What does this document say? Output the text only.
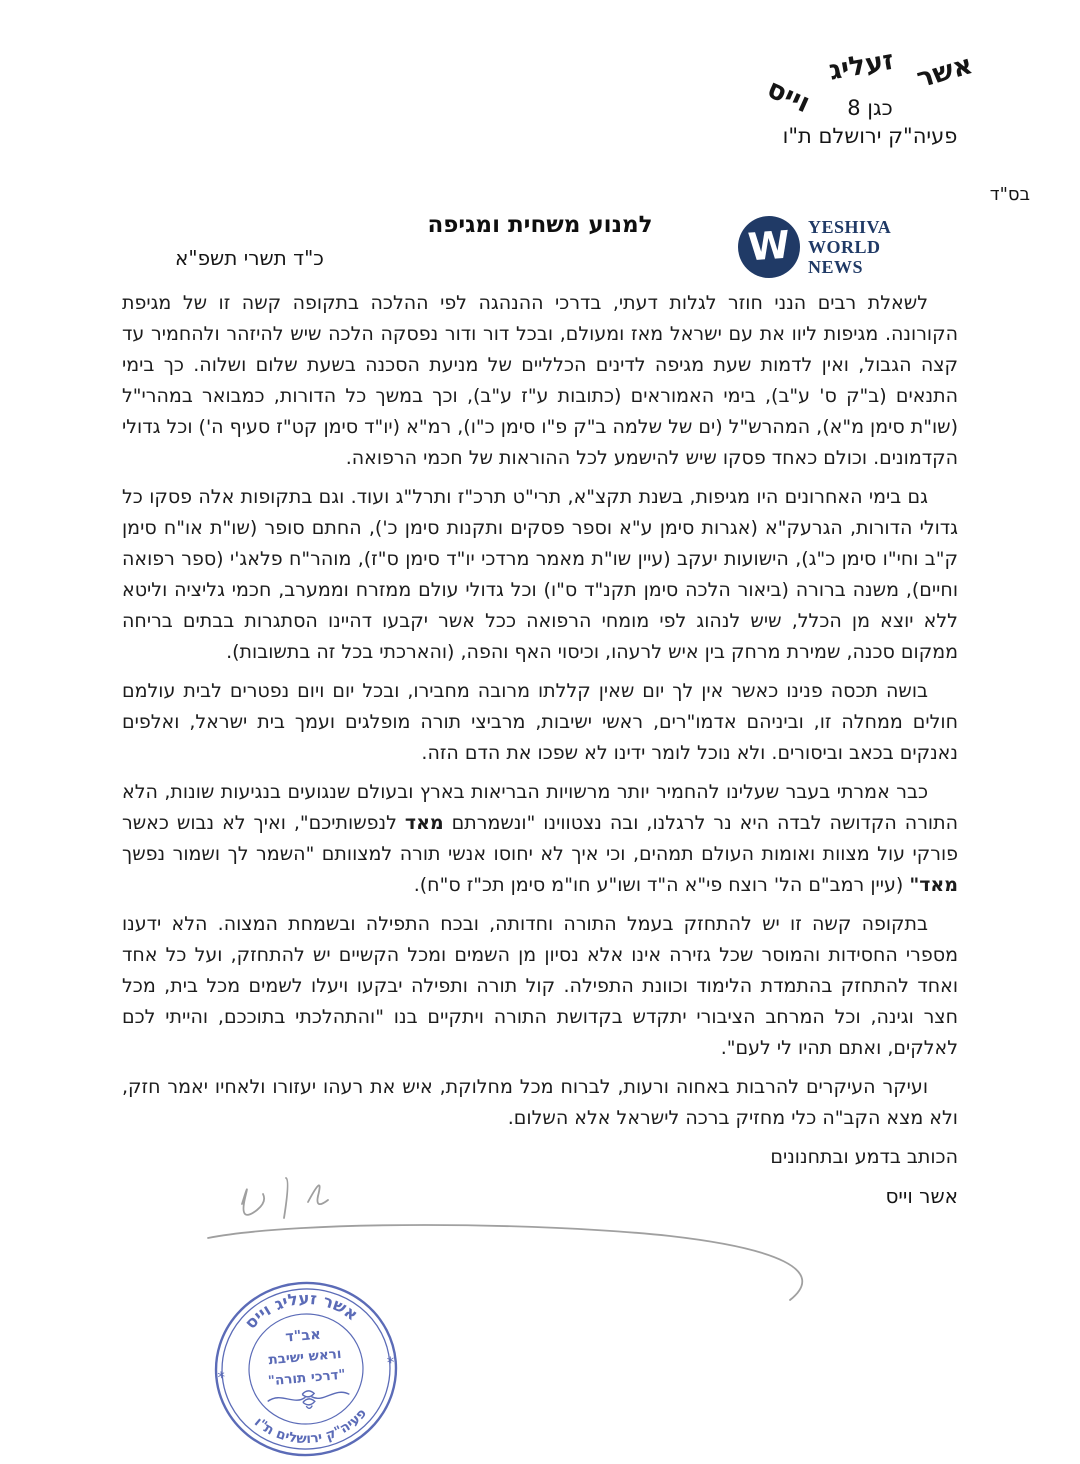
אשר
זעליג
וייס	כגן 8
פעיה"ק ירושלם ת"ו
בס"ד
למנוע משחית ומגיפה	W YESHIVA
WORLD
NEWS
כ"ד תשרי תשפ"א

לשאלת רבים הנני חוזר לגלות דעתי, בדרכי ההנהגה לפי ההלכה בתקופה קשה זו של מגיפת הקורונה. מגיפות ליוו את עם ישראל מאז ומעולם, ובכל דור ודור נפסקה הלכה שיש להיזהר ולהחמיר עד קצה הגבול, ואין לדמות שעת מגיפה לדינים הכלליים של מניעת הסכנה בשעת שלום ושלוה. כך בימי התנאים (ב"ק ס' ע"ב), בימי האמוראים (כתובות ע"ז ע"ב), וכך במשך כל הדורות, כמבואר במהרי"ל (שו"ת סימן מ"א), המהרש"ל (ים של שלמה ב"ק פ"ו סימן כ"ו), רמ"א (יו"ד סימן קט"ז סעיף ה') וכל גדולי הקדמונים. וכולם כאחד פסקו שיש להישמע לכל ההוראות של חכמי הרפואה.

גם בימי האחרונים היו מגיפות, בשנת תקצ"א, תרי"ט תרכ"ז ותרל"ג ועוד. וגם בתקופות אלה פסקו כל גדולי הדורות, הגרעק"א (אגרות סימן ע"א וספר פסקים ותקנות סימן כ'), החתם סופר (שו"ת או"ח סימן ק"ב וחי"ו סימן כ"ג), הישועות יעקב (עיין שו"ת מאמר מרדכי יו"ד סימן ס"ז), מוהר"ח פלאג'י (ספר רפואה וחיים), משנה ברורה (ביאור הלכה סימן תקנ"ד ס"ו) וכל גדולי עולם ממזרח וממערב, חכמי גליציה וליטא ללא יוצא מן הכלל, שיש לנהוג לפי מומחי הרפואה ככל אשר יקבעו דהיינו הסתגרות בבתים בריחה ממקום סכנה, שמירת מרחק בין איש לרעהו, וכיסוי האף והפה, (והארכתי בכל זה בתשובות).

בושה תכסה פנינו כאשר אין לך יום שאין קללתו מרובה מחבירו, ובכל יום ויום נפטרים לבית עולמם חולים ממחלה זו, וביניהם אדמו"רים, ראשי ישיבות, מרביצי תורה מופלגים ועמך בית ישראל, ואלפים נאנקים בכאב וביסורים. ולא נוכל לומר ידינו לא שפכו את הדם הזה.

כבר אמרתי בעבר שעלינו להחמיר יותר מרשויות הבריאות בארץ ובעולם שנגועים בנגיעות שונות, הלא התורה הקדושה לבדה היא נר לרגלנו, ובה נצטווינו "ונשמרתם מאד לנפשותיכם", ואיך לא נבוש כאשר פורקי עול מצוות ואומות העולם תמהים, וכי איך לא יחוסו אנשי תורה למצוותם "השמר לך ושמור נפשך מאד" (עיין רמב"ם הל' רוצח פי"א ה"ד ושו"ע חו"מ סימן תכ"ז ס"ח).

בתקופה קשה זו יש להתחזק בעמל התורה וחדותה, ובכח התפילה ובשמחת המצוה. הלא ידענו מספרי החסידות והמוסר שכל גזירה אינו אלא נסיון מן השמים ומכל הקשיים יש להתחזק, ועל כל אחד ואחד להתחזק בהתמדת הלימוד וכוונת התפילה. קול תורה ותפילה יבקעו ויעלו לשמים מכל בית, מכל חצר וגינה, וכל המרחב הציבורי יתקדש בקדושת התורה ויתקיים בנו "והתהלכתי בתוככם, והייתי לכם לאלקים, ואתם תהיו לי לעם".

ועיקר העיקרים להרבות באחוה ורעות, לברוח מכל מחלוקת, איש את רעהו יעזורו ולאחיו יאמר חזק, ולא מצא הקב"ה כלי מחזיק ברכה לישראל אלא השלום.

הכותב בדמע ובתחנונים
אשר וייס
אשר זעליג וייס
פעיה"ק ירושלים ת"ו
*
*
אב"ד
וראש ישיבת
"דרכי תורה"
